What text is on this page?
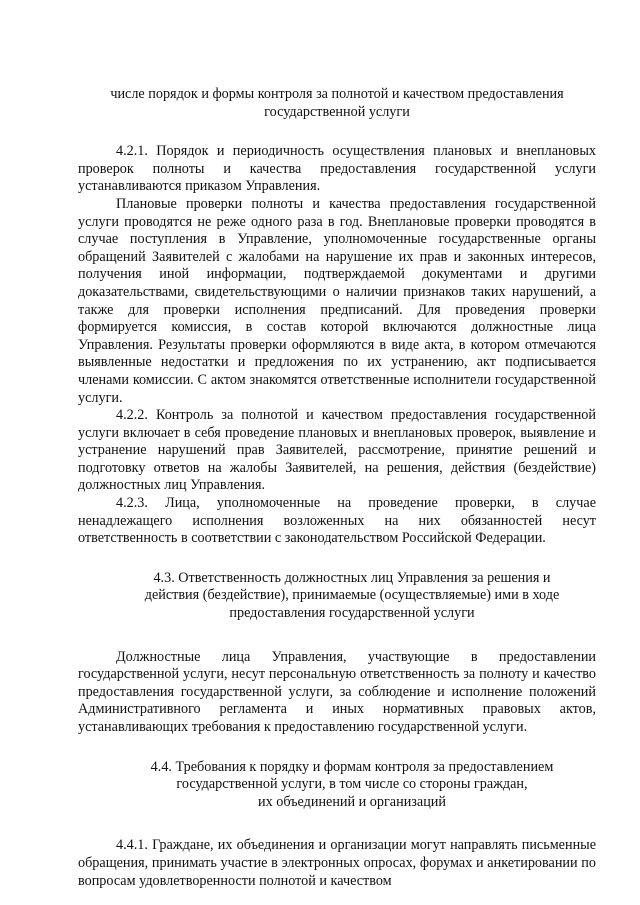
числе порядок и формы контроля за полнотой и качеством предоставления
государственной услуги

4.2.1. Порядок и периодичность осуществления плановых и внеплановых проверок полноты и качества предоставления государственной услуги устанавливаются приказом Управления.

Плановые проверки полноты и качества предоставления государственной услуги проводятся не реже одного раза в год. Внеплановые проверки проводятся в случае поступления в Управление, уполномоченные государственные органы обращений Заявителей с жалобами на нарушение их прав и законных интересов, получения иной информации, подтверждаемой документами и другими доказательствами, свидетельствующими о наличии признаков таких нарушений, а также для проверки исполнения предписаний. Для проведения проверки формируется комиссия, в состав которой включаются должностные лица Управления. Результаты проверки оформляются в виде акта, в котором отмечаются выявленные недостатки и предложения по их устранению, акт подписывается членами комиссии. С актом знакомятся ответственные исполнители государственной услуги.

4.2.2. Контроль за полнотой и качеством предоставления государственной услуги включает в себя проведение плановых и внеплановых проверок, выявление и устранение нарушений прав Заявителей, рассмотрение, принятие решений и подготовку ответов на жалобы Заявителей, на решения, действия (бездействие) должностных лиц Управления.

4.2.3. Лица, уполномоченные на проведение проверки, в случае ненадлежащего исполнения возложенных на них обязанностей несут ответственность в соответствии с законодательством Российской Федерации.

4.3. Ответственность должностных лиц Управления за решения и
действия (бездействие), принимаемые (осуществляемые) ими в ходе
предоставления государственной услуги

Должностные лица Управления, участвующие в предоставлении государственной услуги, несут персональную ответственность за полноту и качество предоставления государственной услуги, за соблюдение и исполнение положений Административного регламента и иных нормативных правовых актов, устанавливающих требования к предоставлению государственной услуги.

4.4. Требования к порядку и формам контроля за предоставлением
государственной услуги, в том числе со стороны граждан,
их объединений и организаций

4.4.1. Граждане, их объединения и организации могут направлять письменные обращения, принимать участие в электронных опросах, форумах и анкетировании по вопросам удовлетворенности полнотой и качеством
